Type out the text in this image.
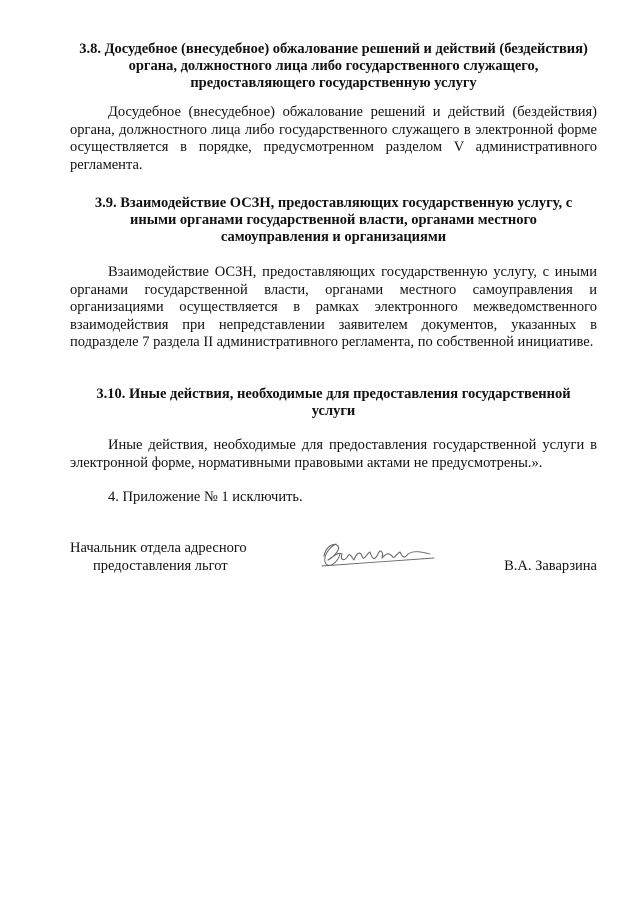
3.8. Досудебное (внесудебное) обжалование решений и действий (бездействия) органа, должностного лица либо государственного служащего, предоставляющего государственную услугу

Досудебное (внесудебное) обжалование решений и действий (бездействия) органа, должностного лица либо государственного служащего в электронной форме осуществляется в порядке, предусмотренном разделом V административного регламента.

3.9. Взаимодействие ОСЗН, предоставляющих государственную услугу, с иными органами государственной власти, органами местного самоуправления и организациями

Взаимодействие ОСЗН, предоставляющих государственную услугу, с иными органами государственной власти, органами местного самоуправления и организациями осуществляется в рамках электронного межведомственного взаимодействия при непредставлении заявителем документов, указанных в подразделе 7 раздела II административного регламента, по собственной инициативе.

3.10. Иные действия, необходимые для предоставления государственной услуги

Иные действия, необходимые для предоставления государственной услуги в электронной форме, нормативными правовыми актами не предусмотрены.».

4. Приложение № 1 исключить.

Начальник отдела адресного
предоставления льгот	В.А. Заварзина
